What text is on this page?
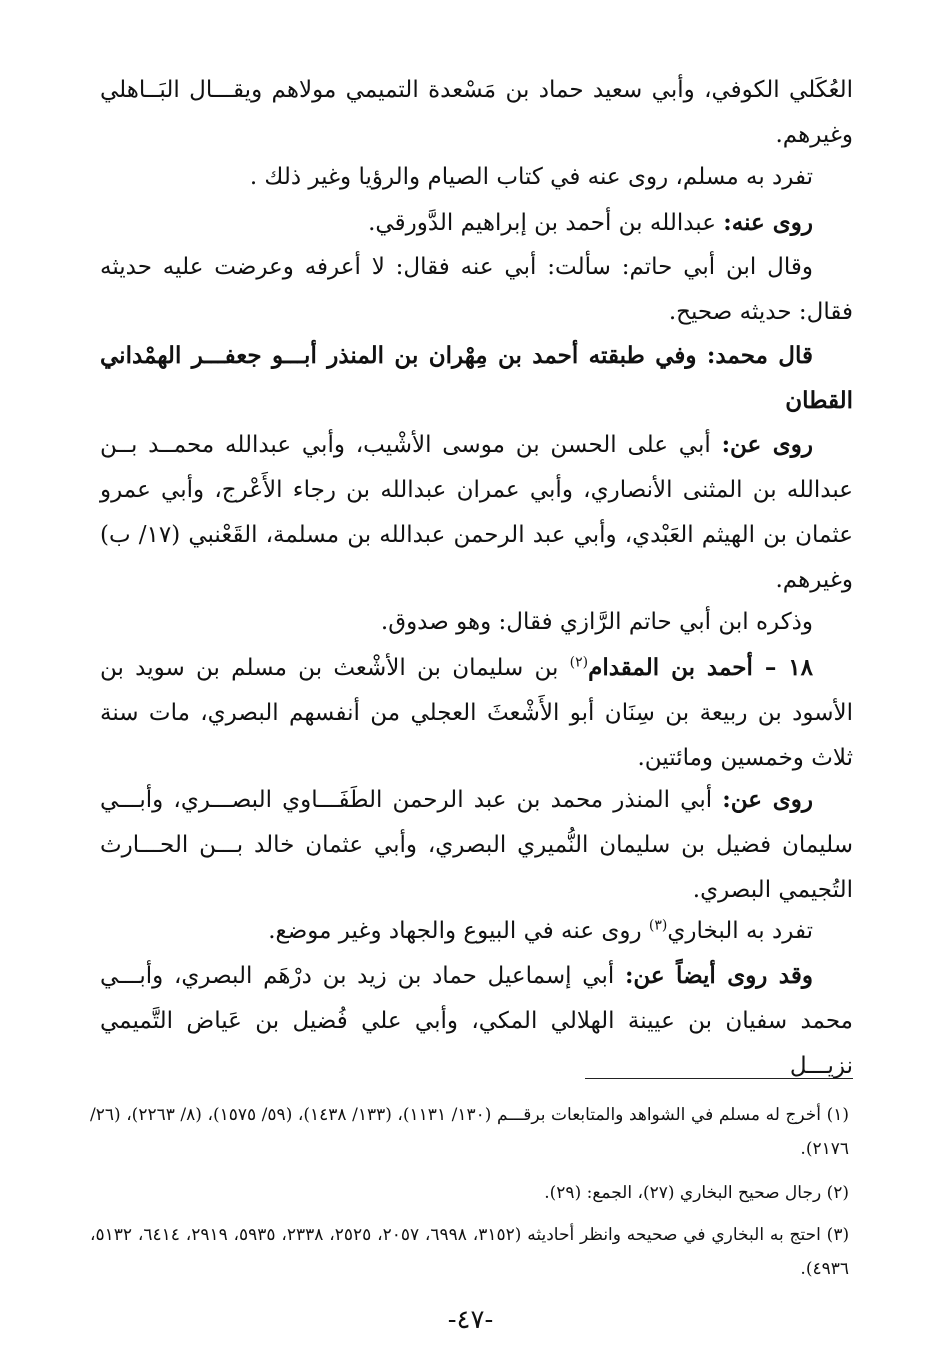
العُكَلي الكوفي، وأبي سعيد حماد بن مَسْعدة التميمي مولاهم ويقـــال البَــاهلي وغيرهم.
تفرد به مسلم، روى عنه في كتاب الصيام والرؤيا وغير ذلك .
روى عنه: عبدالله بن أحمد بن إبراهيم الدَّورقي.
وقال ابن أبي حاتم: سألت: أبي عنه فقال: لا أعرفه وعرضت عليه حديثه فقال: حديثه صحيح.
قال محمد: وفي طبقته أحمد بن مِهْران بن المنذر أبـــو جعفـــر الهمْداني القطان
روى عن: أبي على الحسن بن موسى الأشْيب، وأبي عبدالله محمــد بــن عبدالله بن المثنى الأنصاري، وأبي عمران عبدالله بن رجاء الأَعْرج، وأبي عمرو عثمان بن الهيثم العَبْدي، وأبي عبد الرحمن عبدالله بن مسلمة، القَعْنبي (١٧/ ب) وغيرهم.
وذكره ابن أبي حاتم الرَّازي فقال: وهو صدوق.
١٨ – أحمد بن المقدام$^{(٢)}$ بن سليمان بن الأشْعث بن مسلم بن سويد بن الأسود بن ربيعة بن سِنَان أبو الأَشْعثَ العجلي من أنفسهم البصري، مات سنة ثلاث وخمسين ومائتين.
روى عن: أبي المنذر محمد بن عبد الرحمن الطَفَـــاوي البصـــري، وأبـــي سليمان فضيل بن سليمان النُّميري البصري، وأبي عثمان خالد بـــن الحـــارث التُجيمي البصري.
تفرد به البخاري$^{(٣)}$ روى عنه في البيوع والجهاد وغير موضع.
وقد روى أيضاً عن: أبي إسماعيل حماد بن زيد بن درْهَم البصري، وأبـــي محمد سفيان بن عيينة الهلالي المكي، وأبي علي فُضيل بن عَياض التَّميمي نزيـــل
(١) أخرج له مسلم في الشواهد والمتابعات برقـــم (١٣٠/ ١١٣١)، (١٣٣/ ١٤٣٨)، (٥٩/ ١٥٧٥)، (٨/ ٢٢٦٣)، (٢٦/ ٢١٧٦).
(٢) رجال صحيح البخاري (٢٧)، الجمع: (٢٩).
(٣) احتج به البخاري في صحيحه وانظر أحاديثه (٣١٥٢، ٦٩٩٨، ٢٠٥٧، ٢٥٢٥، ٢٣٣٨، ٥٩٣٥، ٢٩١٩، ٦٤١٤، ٥١٣٢، ٤٩٣٦).
-٤٧-
